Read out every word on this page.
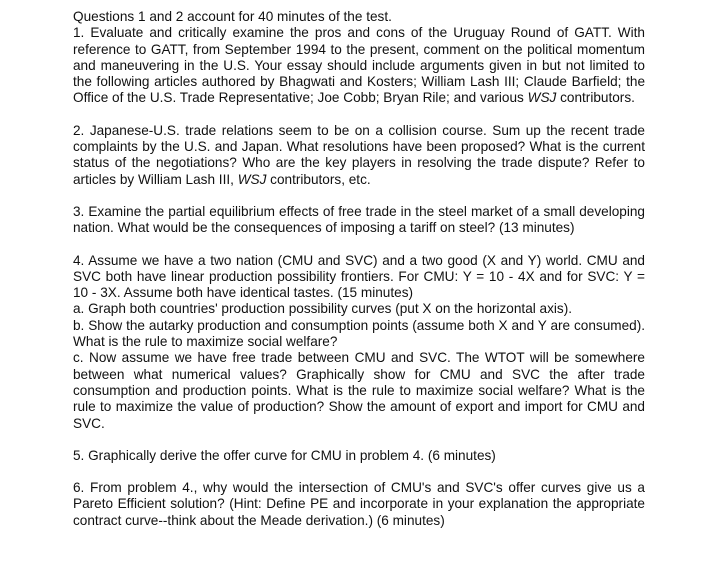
Questions 1 and 2 account for 40 minutes of the test.

1. Evaluate and critically examine the pros and cons of the Uruguay Round of GATT. With reference to GATT, from September 1994 to the present, comment on the political momentum and maneuvering in the U.S. Your essay should include arguments given in but not limited to the following articles authored by Bhagwati and Kosters; William Lash III; Claude Barfield; the Office of the U.S. Trade Representative; Joe Cobb; Bryan Rile; and various WSJ contributors.

2. Japanese-U.S. trade relations seem to be on a collision course. Sum up the recent trade complaints by the U.S. and Japan. What resolutions have been proposed? What is the current status of the negotiations? Who are the key players in resolving the trade dispute? Refer to articles by William Lash III, WSJ contributors, etc.

3. Examine the partial equilibrium effects of free trade in the steel market of a small developing nation. What would be the consequences of imposing a tariff on steel? (13 minutes)

4. Assume we have a two nation (CMU and SVC) and a two good (X and Y) world. CMU and SVC both have linear production possibility frontiers. For CMU: Y = 10 - 4X and for SVC: Y = 10 - 3X. Assume both have identical tastes. (15 minutes)

a. Graph both countries' production possibility curves (put X on the horizontal axis).

b. Show the autarky production and consumption points (assume both X and Y are consumed). What is the rule to maximize social welfare?

c. Now assume we have free trade between CMU and SVC. The WTOT will be somewhere between what numerical values? Graphically show for CMU and SVC the after trade consumption and production points. What is the rule to maximize social welfare? What is the rule to maximize the value of production? Show the amount of export and import for CMU and SVC.

5. Graphically derive the offer curve for CMU in problem 4. (6 minutes)

6. From problem 4., why would the intersection of CMU's and SVC's offer curves give us a Pareto Efficient solution? (Hint: Define PE and incorporate in your explanation the appropriate contract curve--think about the Meade derivation.) (6 minutes)
